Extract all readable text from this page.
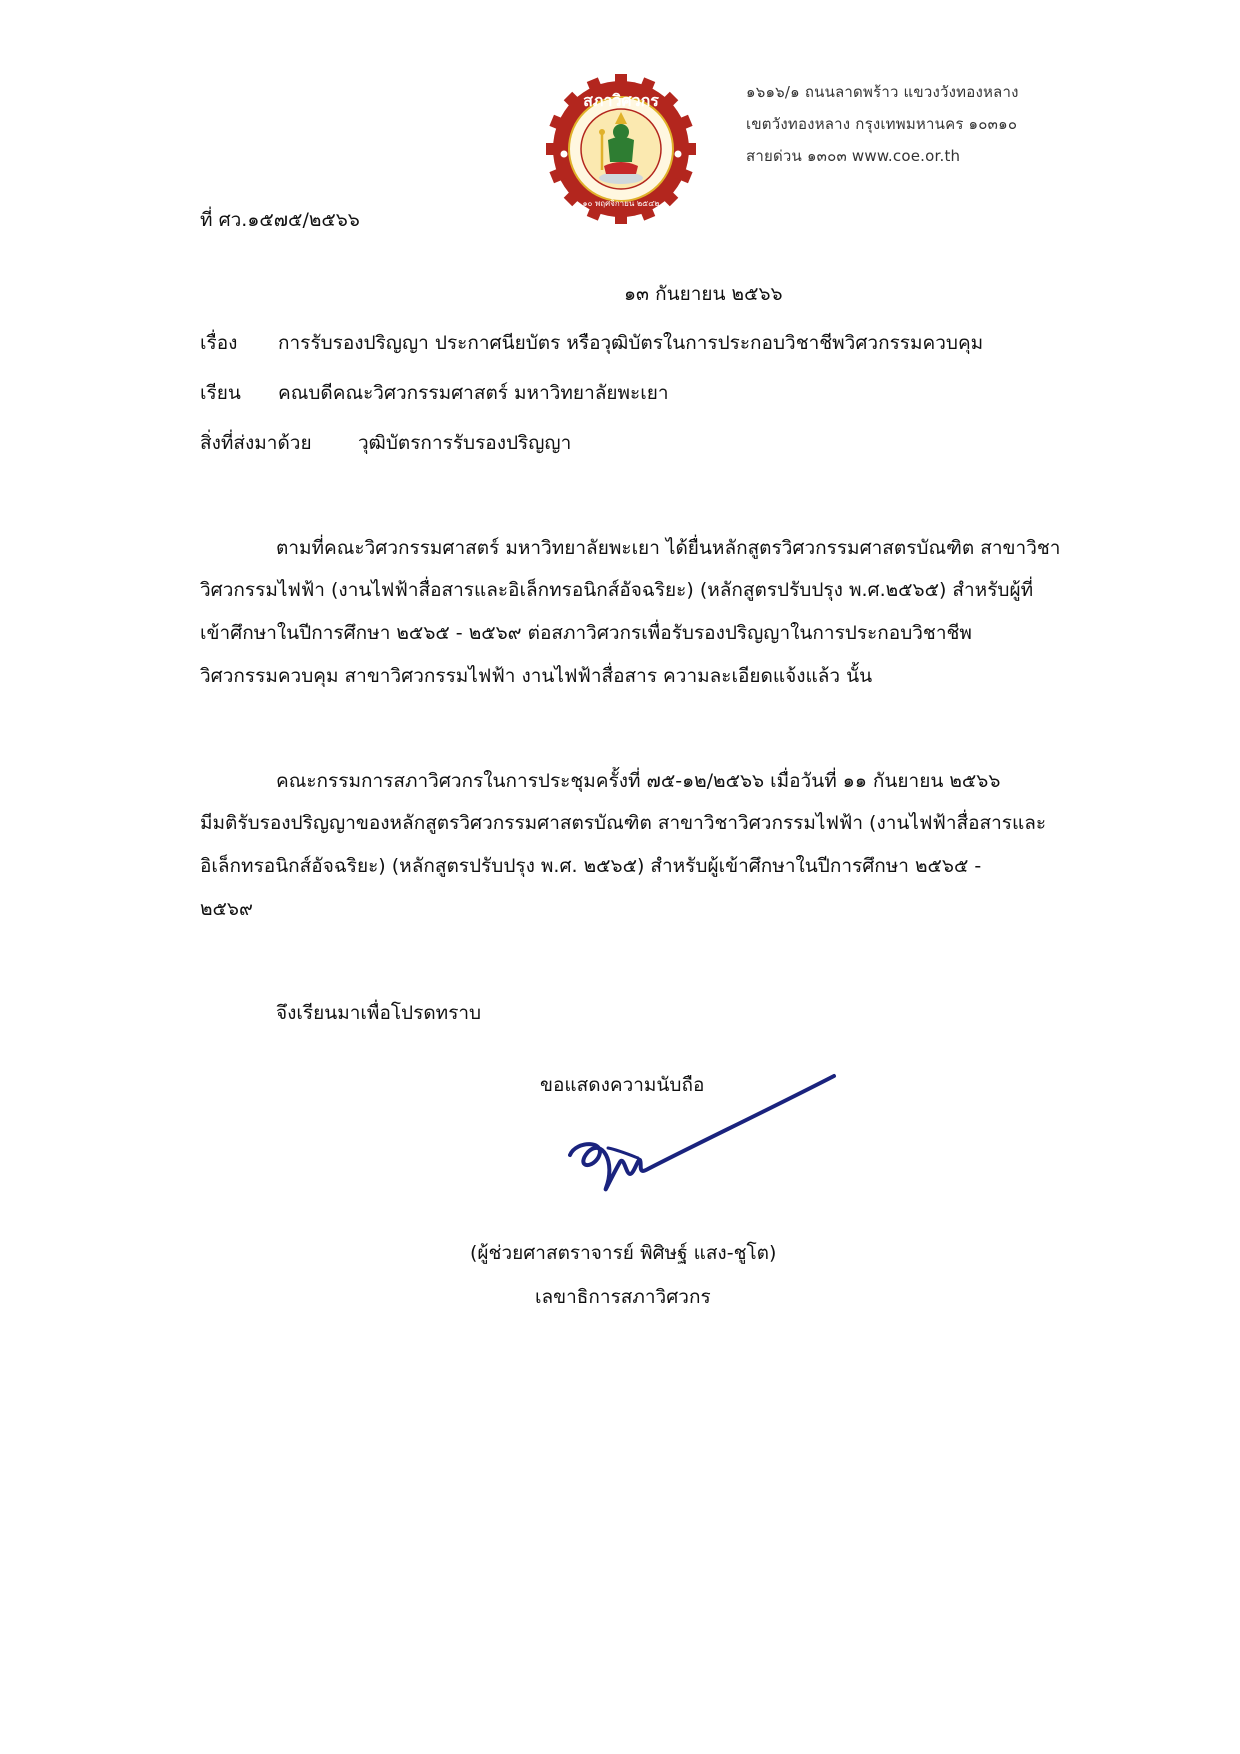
สภาวิศวกร
๑๐ พฤศจิกายน ๒๕๔๒
๑๖๑๖/๑ ถนนลาดพร้าว แขวงวังทองหลาง
เขตวังทองหลาง กรุงเทพมหานคร ๑๐๓๑๐
สายด่วน ๑๓๐๓ www.coe.or.th
ที่ ศว.๑๕๗๕/๒๕๖๖
๑๓ กันยายน ๒๕๖๖
เรื่อง การรับรองปริญญา ประกาศนียบัตร หรือวุฒิบัตรในการประกอบวิชาชีพวิศวกรรมควบคุม
เรียน คณบดีคณะวิศวกรรมศาสตร์ มหาวิทยาลัยพะเยา
สิ่งที่ส่งมาด้วย วุฒิบัตรการรับรองปริญญา
ตามที่คณะวิศวกรรมศาสตร์ มหาวิทยาลัยพะเยา ได้ยื่นหลักสูตรวิศวกรรมศาสตรบัณฑิต สาขาวิชา
วิศวกรรมไฟฟ้า (งานไฟฟ้าสื่อสารและอิเล็กทรอนิกส์อัจฉริยะ) (หลักสูตรปรับปรุง พ.ศ.๒๕๖๕) สำหรับผู้ที่
เข้าศึกษาในปีการศึกษา ๒๕๖๕ - ๒๕๖๙ ต่อสภาวิศวกรเพื่อรับรองปริญญาในการประกอบวิชาชีพ
วิศวกรรมควบคุม สาขาวิศวกรรมไฟฟ้า งานไฟฟ้าสื่อสาร ความละเอียดแจ้งแล้ว นั้น
คณะกรรมการสภาวิศวกรในการประชุมครั้งที่ ๗๕-๑๒/๒๕๖๖ เมื่อวันที่ ๑๑ กันยายน ๒๕๖๖
มีมติรับรองปริญญาของหลักสูตรวิศวกรรมศาสตรบัณฑิต สาขาวิชาวิศวกรรมไฟฟ้า (งานไฟฟ้าสื่อสารและ
อิเล็กทรอนิกส์อัจฉริยะ) (หลักสูตรปรับปรุง พ.ศ. ๒๕๖๕) สำหรับผู้เข้าศึกษาในปีการศึกษา ๒๕๖๕ -
๒๕๖๙
จึงเรียนมาเพื่อโปรดทราบ
ขอแสดงความนับถือ
(ผู้ช่วยศาสตราจารย์ พิศิษฐ์ แสง-ชูโต)
เลขาธิการสภาวิศวกร
